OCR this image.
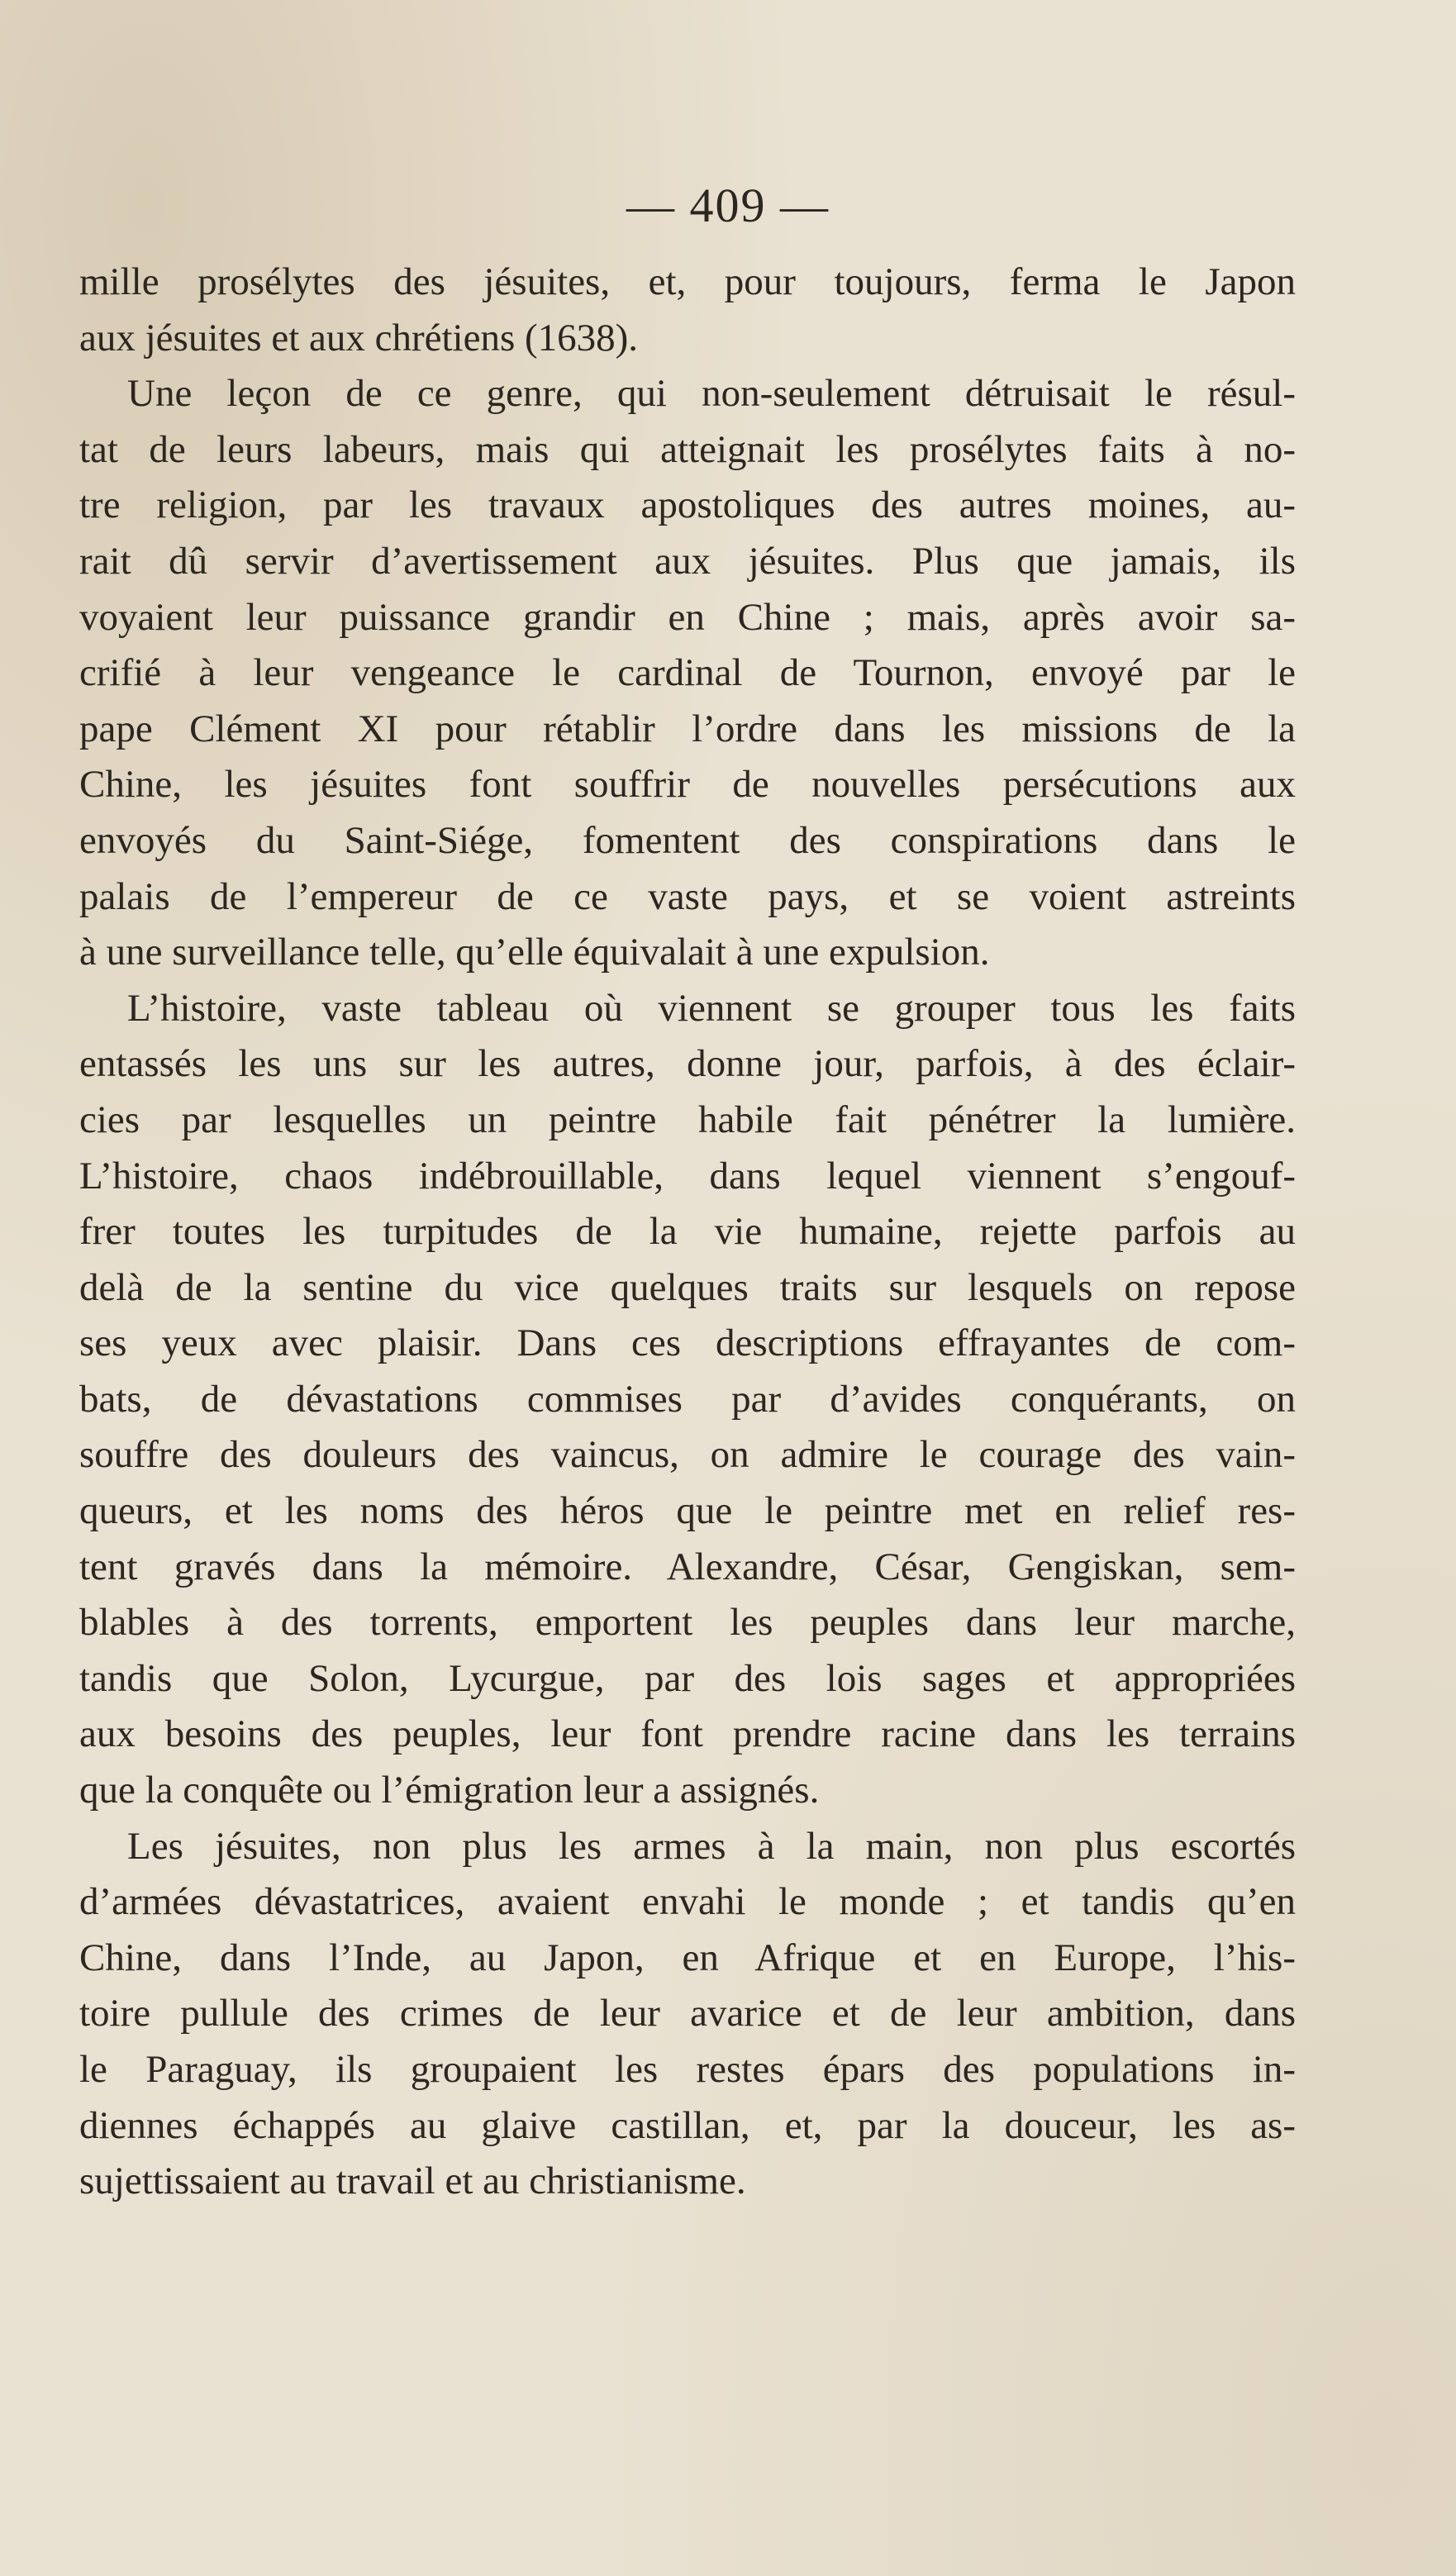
— 409 —
mille prosélytes des jésuites, et, pour toujours, ferma le Japon
aux jésuites et aux chrétiens (1638).
Une leçon de ce genre, qui non-seulement détruisait le résul-
tat de leurs labeurs, mais qui atteignait les prosélytes faits à no-
tre religion, par les travaux apostoliques des autres moines, au-
rait dû servir d’avertissement aux jésuites. Plus que jamais, ils
voyaient leur puissance grandir en Chine ; mais, après avoir sa-
crifié à leur vengeance le cardinal de Tournon, envoyé par le
pape Clément XI pour rétablir l’ordre dans les missions de la
Chine, les jésuites font souffrir de nouvelles persécutions aux
envoyés du Saint-Siége, fomentent des conspirations dans le
palais de l’empereur de ce vaste pays, et se voient astreints
à une surveillance telle, qu’elle équivalait à une expulsion.
L’histoire, vaste tableau où viennent se grouper tous les faits
entassés les uns sur les autres, donne jour, parfois, à des éclair-
cies par lesquelles un peintre habile fait pénétrer la lumière.
L’histoire, chaos indébrouillable, dans lequel viennent s’engouf-
frer toutes les turpitudes de la vie humaine, rejette parfois au
delà de la sentine du vice quelques traits sur lesquels on repose
ses yeux avec plaisir. Dans ces descriptions effrayantes de com-
bats, de dévastations commises par d’avides conquérants, on
souffre des douleurs des vaincus, on admire le courage des vain-
queurs, et les noms des héros que le peintre met en relief res-
tent gravés dans la mémoire. Alexandre, César, Gengiskan, sem-
blables à des torrents, emportent les peuples dans leur marche,
tandis que Solon, Lycurgue, par des lois sages et appropriées
aux besoins des peuples, leur font prendre racine dans les terrains
que la conquête ou l’émigration leur a assignés.
Les jésuites, non plus les armes à la main, non plus escortés
d’armées dévastatrices, avaient envahi le monde ; et tandis qu’en
Chine, dans l’Inde, au Japon, en Afrique et en Europe, l’his-
toire pullule des crimes de leur avarice et de leur ambition, dans
le Paraguay, ils groupaient les restes épars des populations in-
diennes échappés au glaive castillan, et, par la douceur, les as-
sujettissaient au travail et au christianisme.
